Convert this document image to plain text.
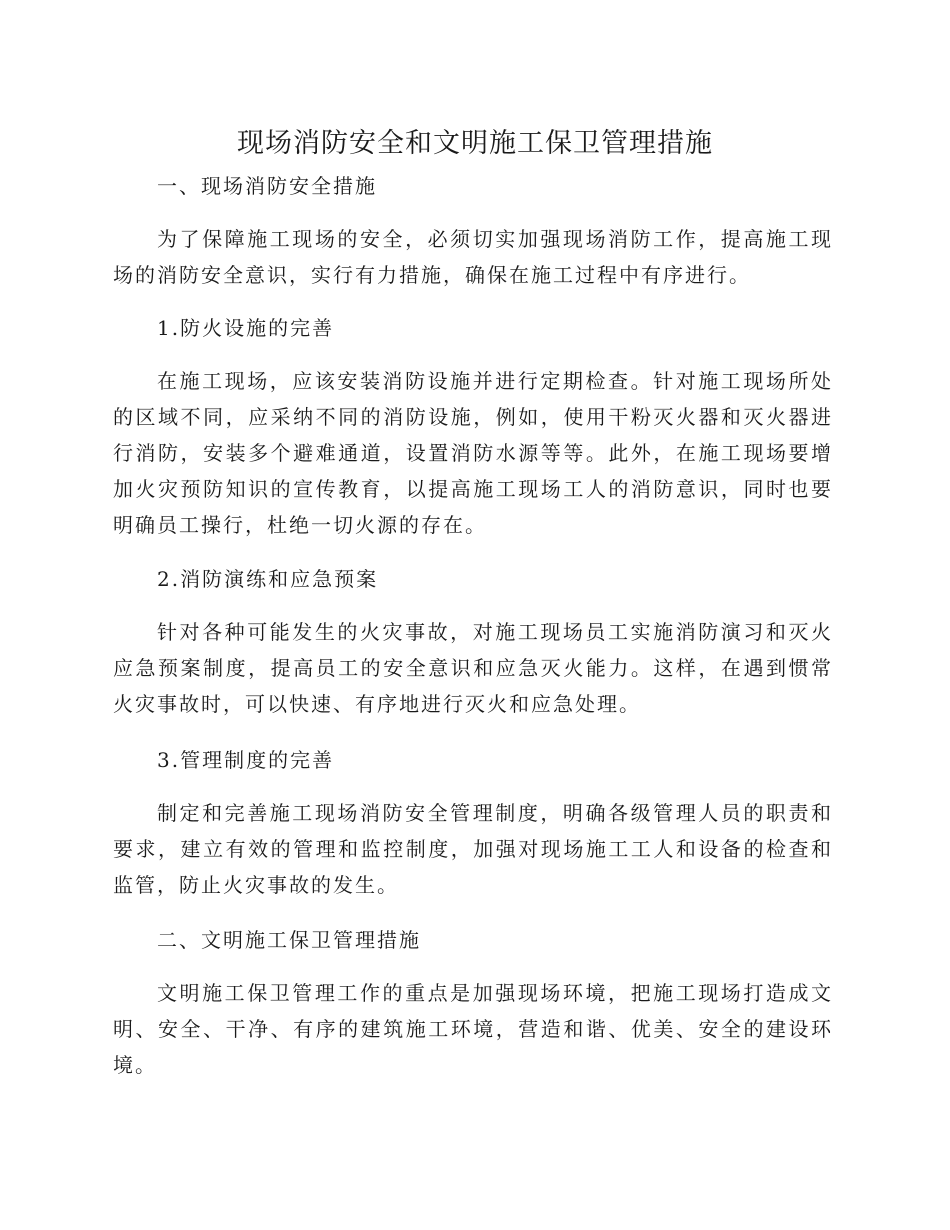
现场消防安全和文明施工保卫管理措施

一、现场消防安全措施

为了保障施工现场的安全，必须切实加强现场消防工作，提高施工现场的消防安全意识，实行有力措施，确保在施工过程中有序进行。

1.防火设施的完善

在施工现场，应该安装消防设施并进行定期检查。针对施工现场所处的区域不同，应采纳不同的消防设施，例如，使用干粉灭火器和灭火器进行消防，安装多个避难通道，设置消防水源等等。此外，在施工现场要增加火灾预防知识的宣传教育，以提高施工现场工人的消防意识，同时也要明确员工操行，杜绝一切火源的存在。

2.消防演练和应急预案

针对各种可能发生的火灾事故，对施工现场员工实施消防演习和灭火应急预案制度，提高员工的安全意识和应急灭火能力。这样，在遇到惯常火灾事故时，可以快速、有序地进行灭火和应急处理。

3.管理制度的完善

制定和完善施工现场消防安全管理制度，明确各级管理人员的职责和要求，建立有效的管理和监控制度，加强对现场施工工人和设备的检查和监管，防止火灾事故的发生。

二、文明施工保卫管理措施

文明施工保卫管理工作的重点是加强现场环境，把施工现场打造成文明、安全、干净、有序的建筑施工环境，营造和谐、优美、安全的建设环境。
